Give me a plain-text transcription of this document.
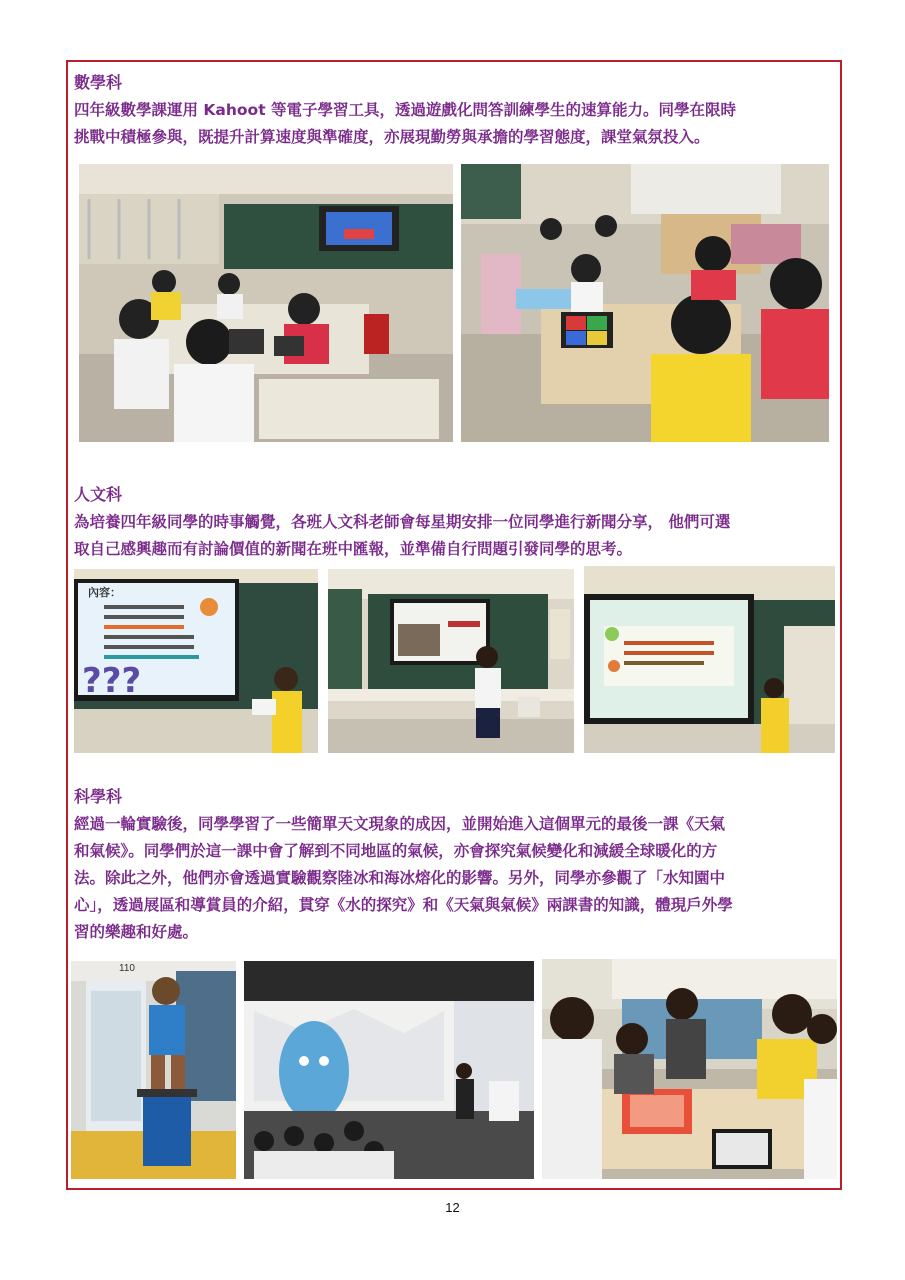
數學科
四年級數學課運用 Kahoot 等電子學習工具，透過遊戲化問答訓練學生的速算能力。同學在限時
挑戰中積極參與，既提升計算速度與準確度，亦展現勤勞與承擔的學習態度，課堂氣氛投入。
人文科
為培養四年級同學的時事觸覺，各班人文科老師會每星期安排一位同學進行新聞分享， 他們可選
取自己感興趣而有討論價值的新聞在班中匯報，並準備自行問題引發同學的思考。
???
內容：
科學科
經過一輪實驗後，同學學習了一些簡單天文現象的成因，並開始進入這個單元的最後一課《天氣
和氣候》。同學們於這一課中會了解到不同地區的氣候，亦會探究氣候變化和減緩全球暖化的方
法。除此之外，他們亦會透過實驗觀察陸冰和海冰熔化的影響。另外，同學亦參觀了「水知園中
心」，透過展區和導賞員的介紹，貫穿《水的探究》和《天氣與氣候》兩課書的知識，體現戶外學
習的樂趣和好處。
110
12
